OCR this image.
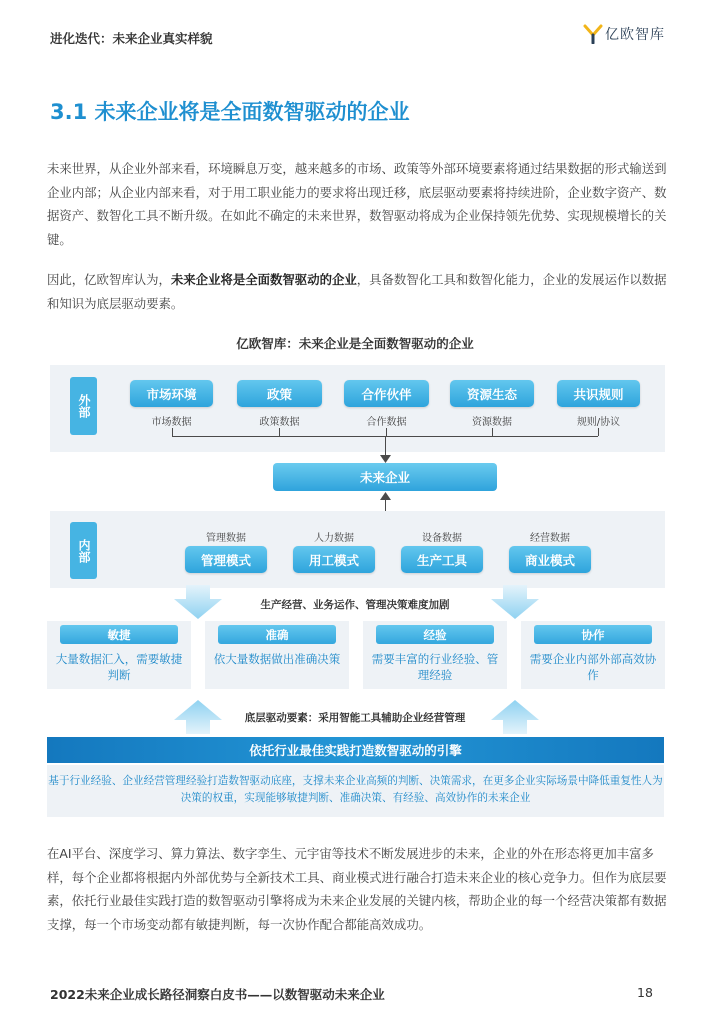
进化迭代：未来企业真实样貌	亿欧智库
3.1 未来企业将是全面数智驱动的企业
未来世界，从企业外部来看，环境瞬息万变，越来越多的市场、政策等外部环境要素将通过结果数据的形式输送到企业内部；从企业内部来看，对于用工职业能力的要求将出现迁移，底层驱动要素将持续进阶，企业数字资产、数据资产、数智化工具不断升级。在如此不确定的未来世界，数智驱动将成为企业保持领先优势、实现规模增长的关键。
因此，亿欧智库认为，未来企业将是全面数智驱动的企业，具备数智化工具和数智化能力，企业的发展运作以数据和知识为底层驱动要素。
亿欧智库：未来企业是全面数智驱动的企业
外部	市场环境
市场数据
政策
政策数据
合作伙伴
合作数据
资源生态
资源数据
共识规则
规则/协议
未来企业
内部	管理数据
管理模式
人力数据
用工模式
设备数据
生产工具
经营数据
商业模式
生产经营、业务运作、管理决策难度加剧
敏捷
大量数据汇入，需要敏捷判断
准确
依大量数据做出准确决策
经验
需要丰富的行业经验、管理经验
协作
需要企业内部外部高效协作
底层驱动要素：采用智能工具辅助企业经营管理
依托行业最佳实践打造数智驱动的引擎
基于行业经验、企业经营管理经验打造数智驱动底座，支撑未来企业高频的判断、决策需求，在更多企业实际场景中降低重复性人为决策的权重，实现能够敏捷判断、准确决策、有经验、高效协作的未来企业
在AI平台、深度学习、算力算法、数字孪生、元宇宙等技术不断发展进步的未来，企业的外在形态将更加丰富多样，每个企业都将根据内外部优势与全新技术工具、商业模式进行融合打造未来企业的核心竞争力。但作为底层要素，依托行业最佳实践打造的数智驱动引擎将成为未来企业发展的关键内核，帮助企业的每一个经营决策都有数据支撑，每一个市场变动都有敏捷判断，每一次协作配合都能高效成功。
2022未来企业成长路径洞察白皮书——以数智驱动未来企业	18
